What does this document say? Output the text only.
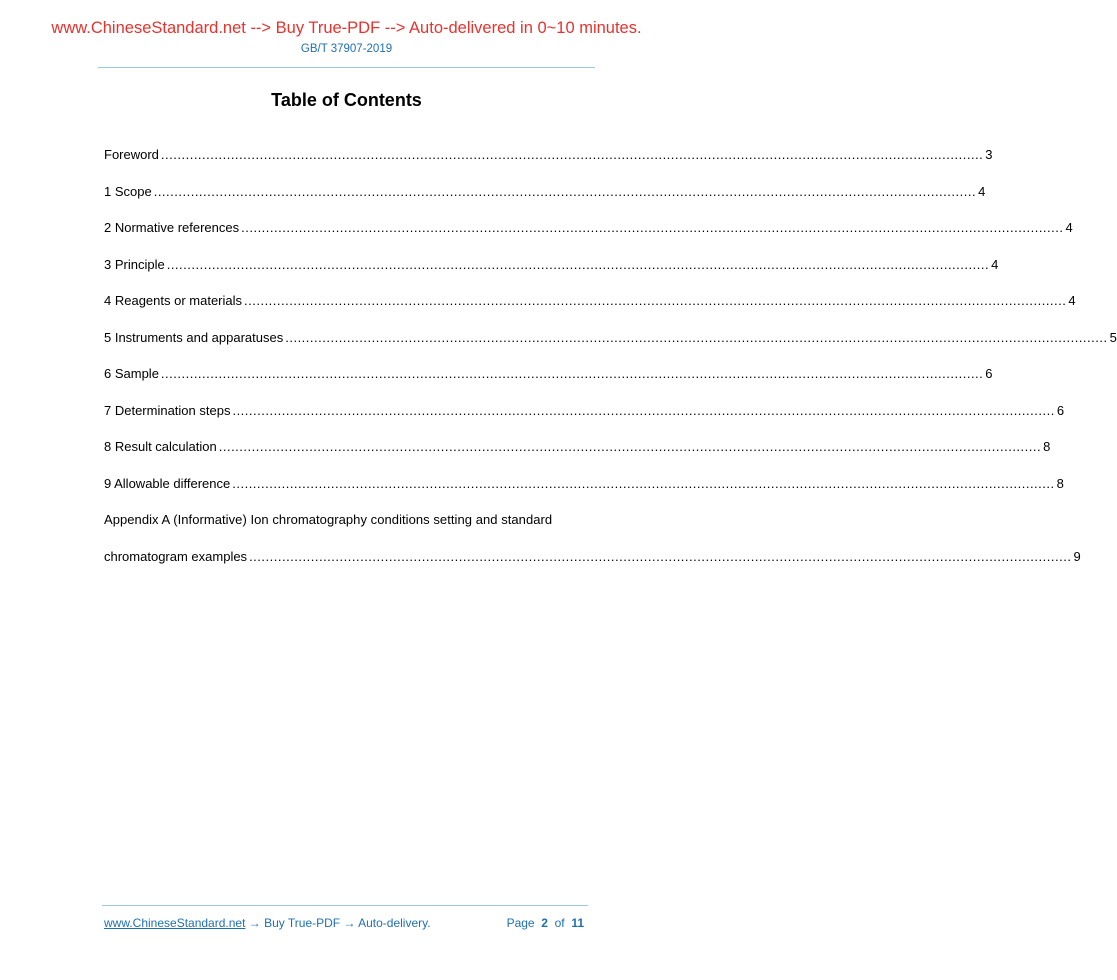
www.ChineseStandard.net --> Buy True-PDF --> Auto-delivered in 0~10 minutes.
GB/T 37907-2019
Table of Contents
Foreword ........................................................................................................................................................................................................ 3
1 Scope ........................................................................................................................................................................................................ 4
2 Normative references ........................................................................................................................................................................................................ 4
3 Principle ........................................................................................................................................................................................................ 4
4 Reagents or materials ........................................................................................................................................................................................................ 4
5 Instruments and apparatuses ........................................................................................................................................................................................................ 5
6 Sample ........................................................................................................................................................................................................ 6
7 Determination steps ........................................................................................................................................................................................................ 6
8 Result calculation ........................................................................................................................................................................................................ 8
9 Allowable difference ........................................................................................................................................................................................................ 8
Appendix A (Informative) Ion chromatography conditions setting and standard
chromatogram examples ........................................................................................................................................................................................................ 9
www.ChineseStandard.net → Buy True-PDF → Auto-delivery.	Page 2 of 11
